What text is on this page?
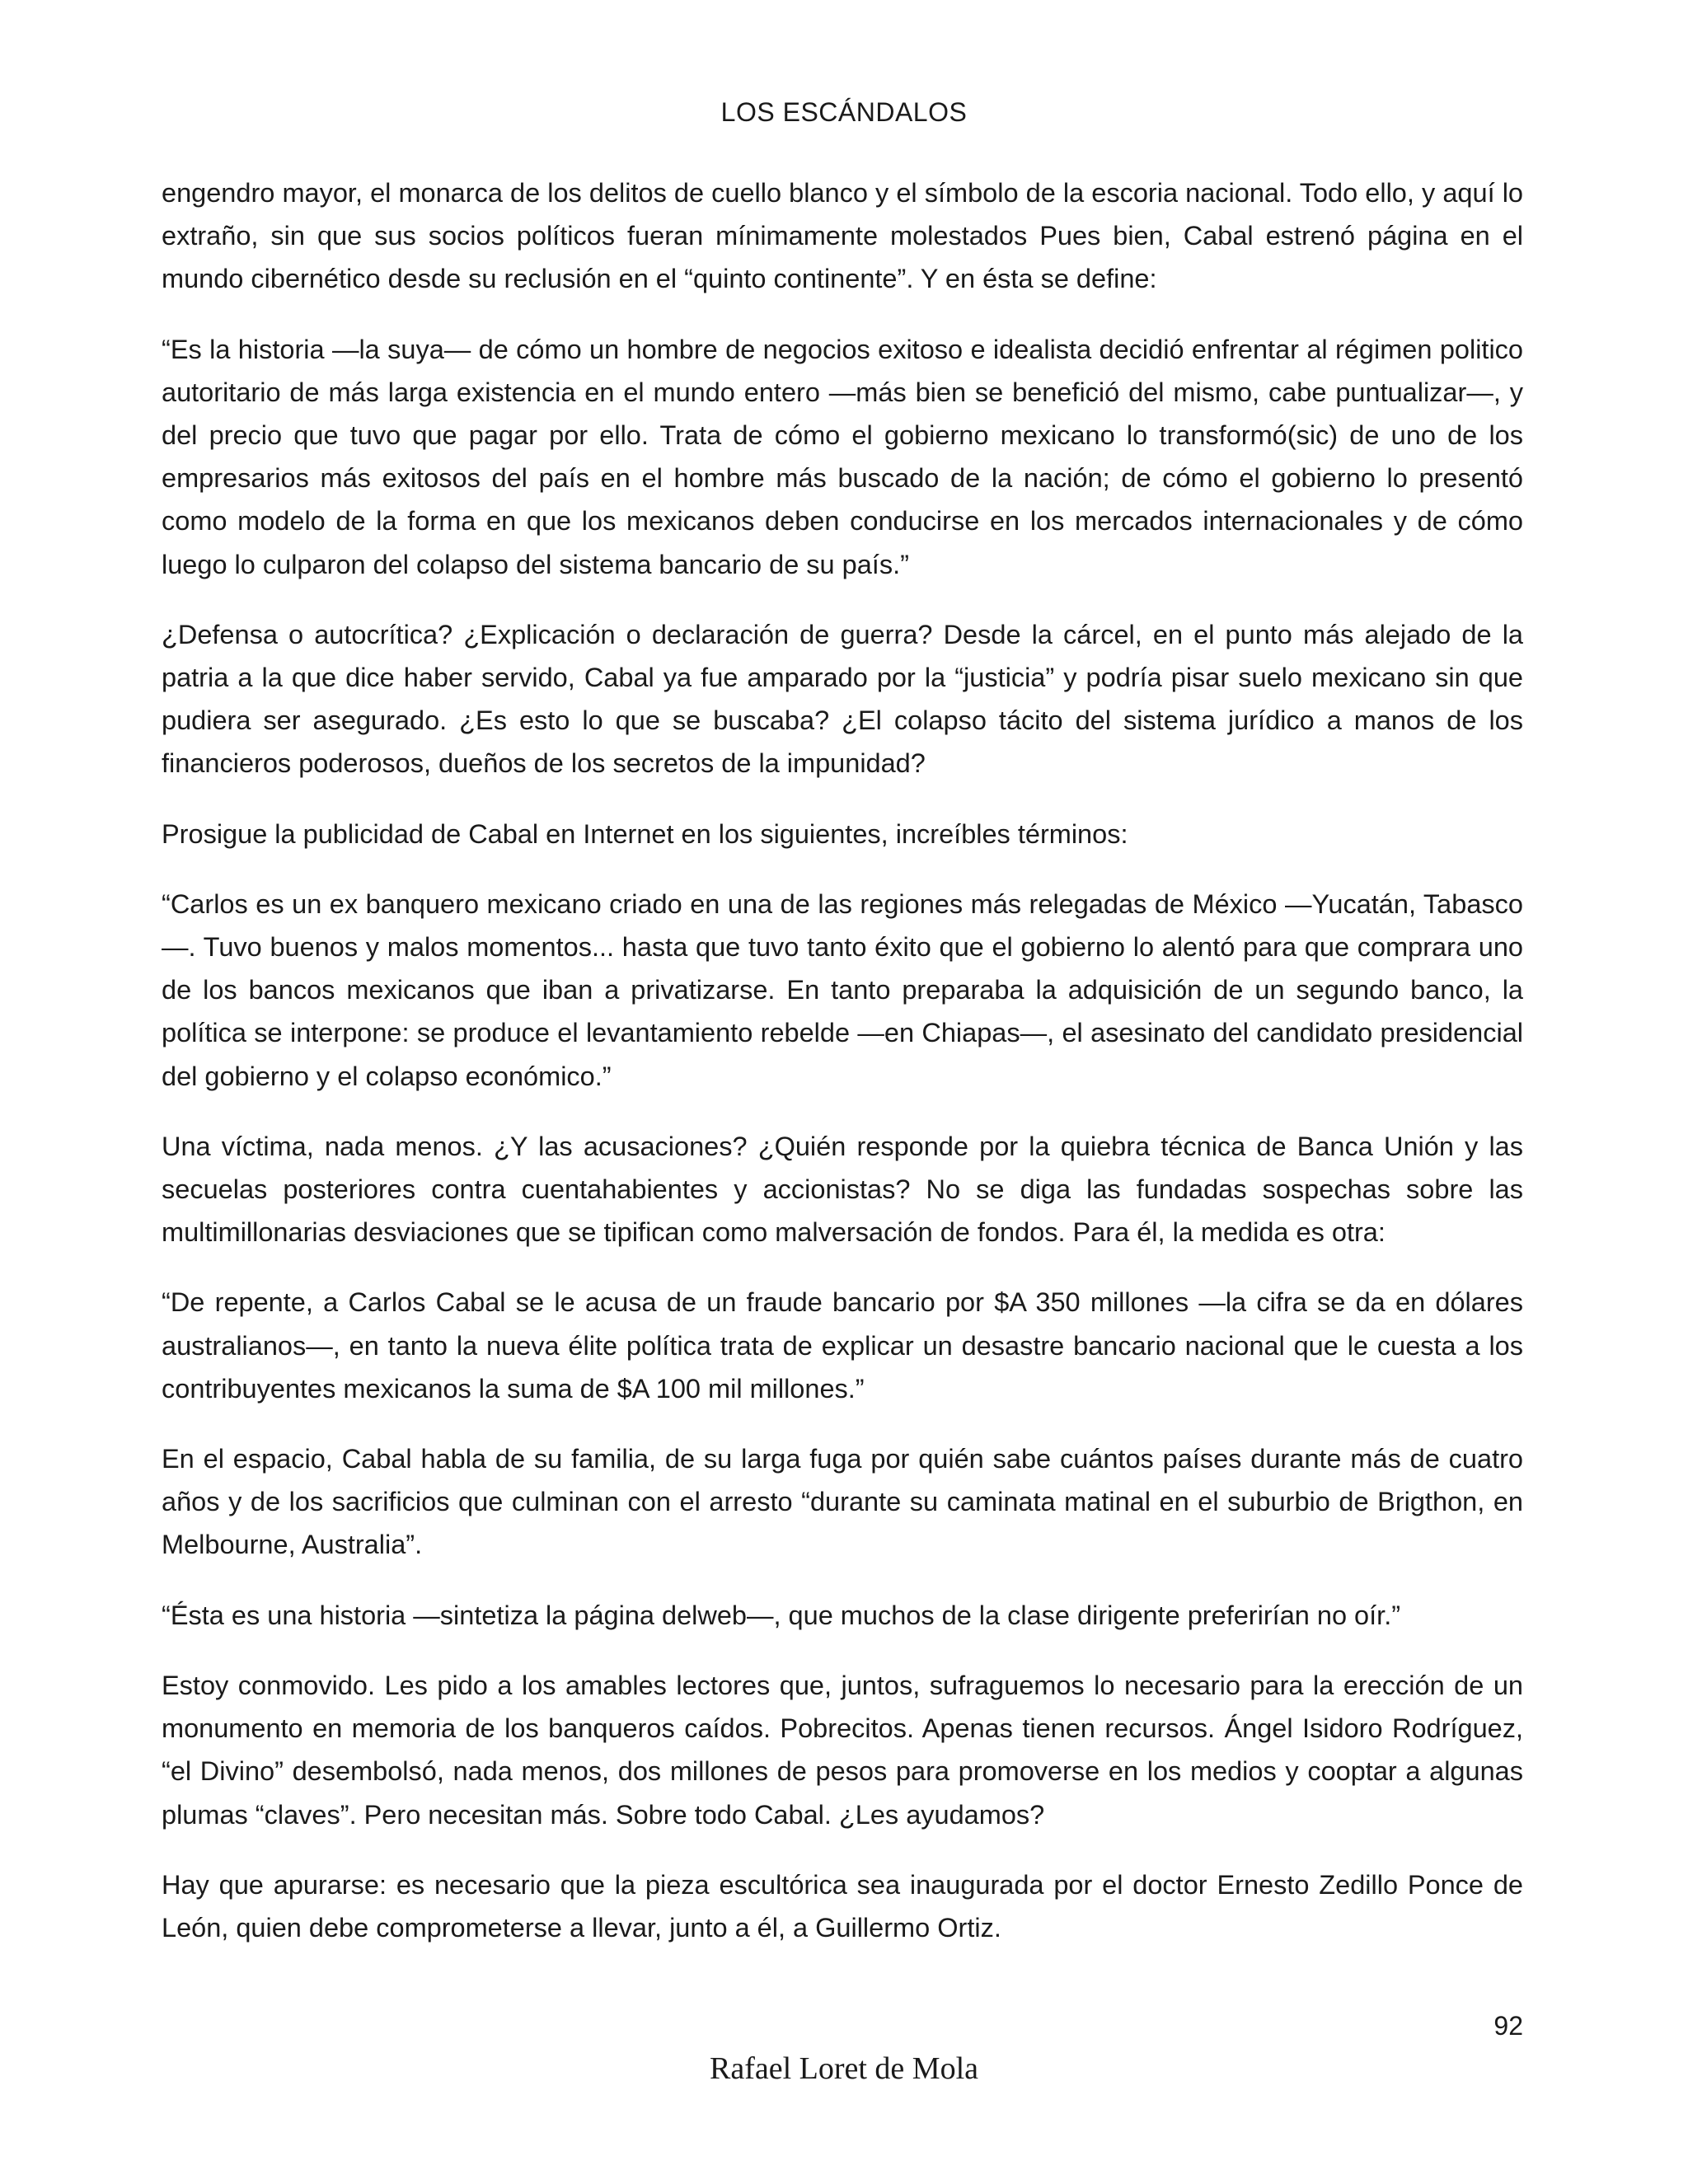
LOS ESCÁNDALOS

engendro mayor, el monarca de los delitos de cuello blanco y el símbolo de la escoria nacional. Todo ello, y aquí lo extraño, sin que sus socios políticos fueran mínimamente molestados Pues bien, Cabal estrenó página en el mundo cibernético desde su reclusión en el “quinto continente”. Y en ésta se define:

“Es la historia —la suya— de cómo un hombre de negocios exitoso e idealista decidió enfrentar al régimen politico autoritario de más larga existencia en el mundo entero —más bien se benefició del mismo, cabe puntualizar—, y del precio que tuvo que pagar por ello. Trata de cómo el gobierno mexicano lo transformó(sic) de uno de los empresarios más exitosos del país en el hombre más buscado de la nación; de cómo el gobierno lo presentó como modelo de la forma en que los mexicanos deben conducirse en los mercados internacionales y de cómo luego lo culparon del colapso del sistema bancario de su país.”

¿Defensa o autocrítica? ¿Explicación o declaración de guerra? Desde la cárcel, en el punto más alejado de la patria a la que dice haber servido, Cabal ya fue amparado por la “justicia” y podría pisar suelo mexicano sin que pudiera ser asegurado. ¿Es esto lo que se buscaba? ¿El colapso tácito del sistema jurídico a manos de los financieros poderosos, dueños de los secretos de la impunidad?

Prosigue la publicidad de Cabal en Internet en los siguientes, increíbles términos:

“Carlos es un ex banquero mexicano criado en una de las regiones más relegadas de México —Yucatán, Tabasco—. Tuvo buenos y malos momentos... hasta que tuvo tanto éxito que el gobierno lo alentó para que comprara uno de los bancos mexicanos que iban a privatizarse. En tanto preparaba la adquisición de un segundo banco, la política se interpone: se produce el levantamiento rebelde —en Chiapas—, el asesinato del candidato presidencial del gobierno y el colapso económico.”

Una víctima, nada menos. ¿Y las acusaciones? ¿Quién responde por la quiebra técnica de Banca Unión y las secuelas posteriores contra cuentahabientes y accionistas? No se diga las fundadas sospechas sobre las multimillonarias desviaciones que se tipifican como malversación de fondos. Para él, la medida es otra:

“De repente, a Carlos Cabal se le acusa de un fraude bancario por $A 350 millones —la cifra se da en dólares australianos—, en tanto la nueva élite política trata de explicar un desastre bancario nacional que le cuesta a los contribuyentes mexicanos la suma de $A 100 mil millones.”

En el espacio, Cabal habla de su familia, de su larga fuga por quién sabe cuántos países durante más de cuatro años y de los sacrificios que culminan con el arresto “durante su caminata matinal en el suburbio de Brigthon, en Melbourne, Australia”.

“Ésta es una historia —sintetiza la página delweb—, que muchos de la clase dirigente preferirían no oír.”

Estoy conmovido. Les pido a los amables lectores que, juntos, sufraguemos lo necesario para la erección de un monumento en memoria de los banqueros caídos. Pobrecitos. Apenas tienen recursos. Ángel Isidoro Rodríguez, “el Divino” desembolsó, nada menos, dos millones de pesos para promoverse en los medios y cooptar a algunas plumas “claves”. Pero necesitan más. Sobre todo Cabal. ¿Les ayudamos?

Hay que apurarse: es necesario que la pieza escultórica sea inaugurada por el doctor Ernesto Zedillo Ponce de León, quien debe comprometerse a llevar, junto a él, a Guillermo Ortiz.

92
Rafael Loret de Mola
